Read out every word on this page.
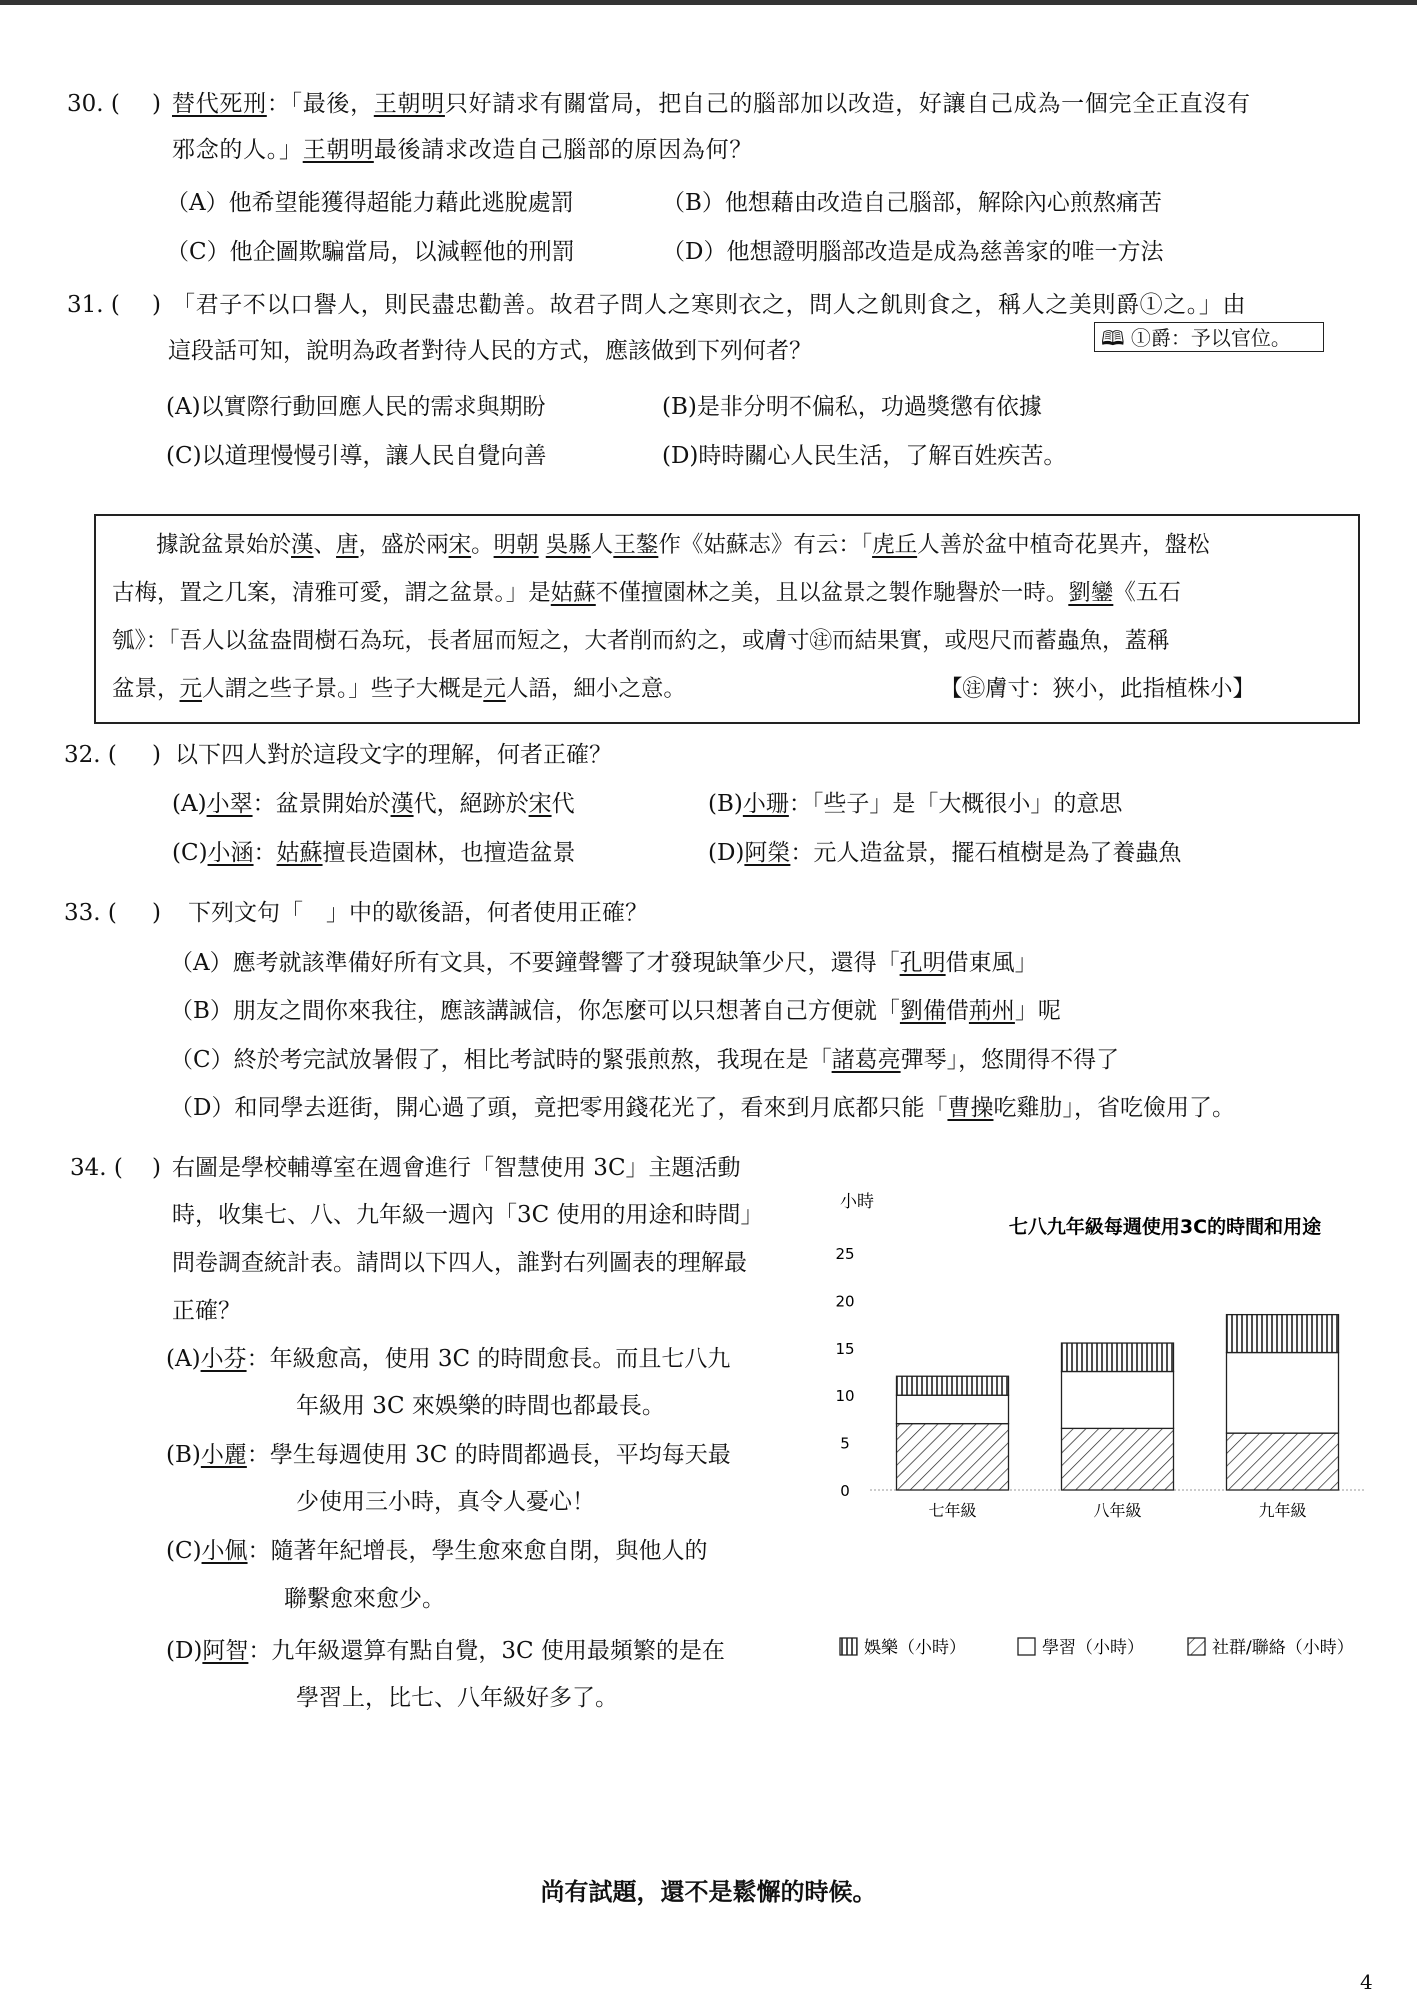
30. ( ) 替代死刑：「最後，王朝明只好請求有關當局，把自己的腦部加以改造，好讓自己成為一個完全正直沒有
邪念的人。」王朝明最後請求改造自己腦部的原因為何？
（A）他希望能獲得超能力藉此逃脫處罰	（B）他想藉由改造自己腦部，解除內心煎熬痛苦
（C）他企圖欺騙當局，以減輕他的刑罰	（D）他想證明腦部改造是成為慈善家的唯一方法
31. ( ) 「君子不以口譽人，則民盡忠勸善。故君子問人之寒則衣之，問人之飢則食之，稱人之美則爵①之。」由
這段話可知，說明為政者對待人民的方式，應該做到下列何者？	🕮 ①爵：予以官位。
(A)以實際行動回應人民的需求與期盼	(B)是非分明不偏私，功過獎懲有依據
(C)以道理慢慢引導，讓人民自覺向善	(D)時時關心人民生活，了解百姓疾苦。
據說盆景始於漢、唐，盛於兩宋。明朝 吳縣人王鏊作《姑蘇志》有云：「虎丘人善於盆中植奇花異卉，盤松
古梅，置之几案，清雅可愛，謂之盆景。」是姑蘇不僅擅園林之美，且以盆景之製作馳譽於一時。劉鑾《五石
瓠》：「吾人以盆盎間樹石為玩，長者屈而短之，大者削而約之，或膚寸㊟而結果實，或咫尺而蓄蟲魚，蓋稱
盆景，元人謂之些子景。」些子大概是元人語，細小之意。	【㊟膚寸：狹小，此指植株小】
32. ( ) 以下四人對於這段文字的理解，何者正確？
(A)小翠：盆景開始於漢代，絕跡於宋代	(B)小珊：「些子」是「大概很小」的意思
(C)小涵：姑蘇擅長造園林，也擅造盆景	(D)阿榮：元人造盆景，擺石植樹是為了養蟲魚
33. ( ) 下列文句「　」中的歇後語，何者使用正確？
（A）應考就該準備好所有文具，不要鐘聲響了才發現缺筆少尺，還得「孔明借東風」
（B）朋友之間你來我往，應該講誠信，你怎麼可以只想著自己方便就「劉備借荊州」呢
（C）終於考完試放暑假了，相比考試時的緊張煎熬，我現在是「諸葛亮彈琴」，悠閒得不得了
（D）和同學去逛街，開心過了頭，竟把零用錢花光了，看來到月底都只能「曹操吃雞肋」，省吃儉用了。
34. ( ) 右圖是學校輔導室在週會進行「智慧使用 3C」主題活動
時，收集七、八、九年級一週內「3C 使用的用途和時間」
問卷調查統計表。請問以下四人，誰對右列圖表的理解最
正確？
(A)小芬：年級愈高，使用 3C 的時間愈長。而且七八九
年級用 3C 來娛樂的時間也都最長。
(B)小麗：學生每週使用 3C 的時間都過長，平均每天最
少使用三小時，真令人憂心！
(C)小佩：隨著年紀增長，學生愈來愈自閉，與他人的
聯繫愈來愈少。
(D)阿智：九年級還算有點自覺，3C 使用最頻繁的是在
學習上，比七、八年級好多了。
小時
七八九年級每週使用3C的時間和用途
0
5
10
15
20
25
七年級	八年級	九年級
娛樂（小時）	學習（小時）	社群/聯絡（小時）
尚有試題，還不是鬆懈的時候。
4
